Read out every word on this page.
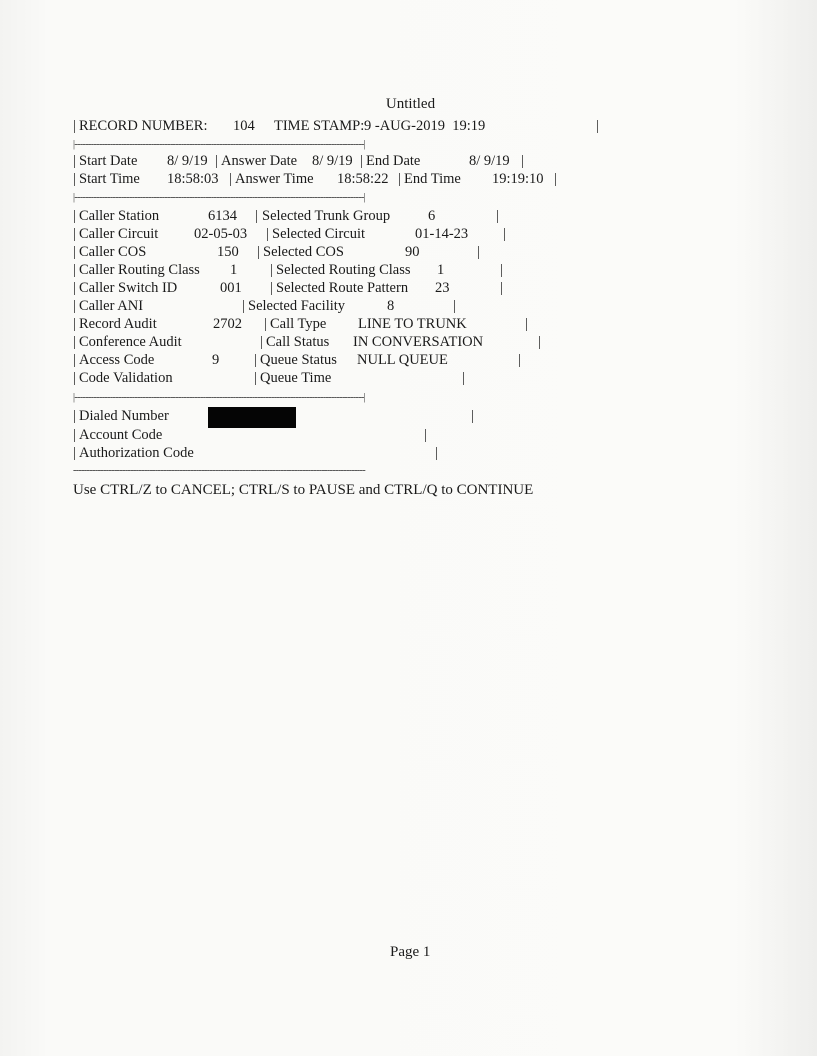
Untitled
| RECORD NUMBER: 104 TIME STAMP: 9 -AUG-2019  19:19	|
|----------------------------------------------------------------------------------------------------------|
| Start Date 8/ 9/19 | Answer Date 8/ 9/19 | End Date	8/ 9/19 |
| Start Time 18:58:03 | Answer Time 18:58:22 | End Time 19:19:10 |
|----------------------------------------------------------------------------------------------------------|
| Caller Station	6134 | Selected Trunk Group	6	|
| Caller Circuit 02-05-03 | Selected Circuit	01-14-23 |
| Caller COS	150 | Selected COS	90	|
| Caller Routing Class 1 | Selected Routing Class 1	|
| Caller Switch ID	001 | Selected Route Pattern 23	|
| Caller ANI	| Selected Facility	8	|
| Record Audit	2702 | Call Type LINE TO TRUNK	|
| Conference Audit	| Call Status IN CONVERSATION	|
| Access Code	9 | Queue Status NULL QUEUE	|
| Code Validation	| Queue Time	|
|----------------------------------------------------------------------------------------------------------|
| Dialed Number	|
| Account Code	|
| Authorization Code	|
-----------------------------------------------------------------------------------------------------------
Use CTRL/Z to CANCEL; CTRL/S to PAUSE and CTRL/Q to CONTINUE
Page 1
